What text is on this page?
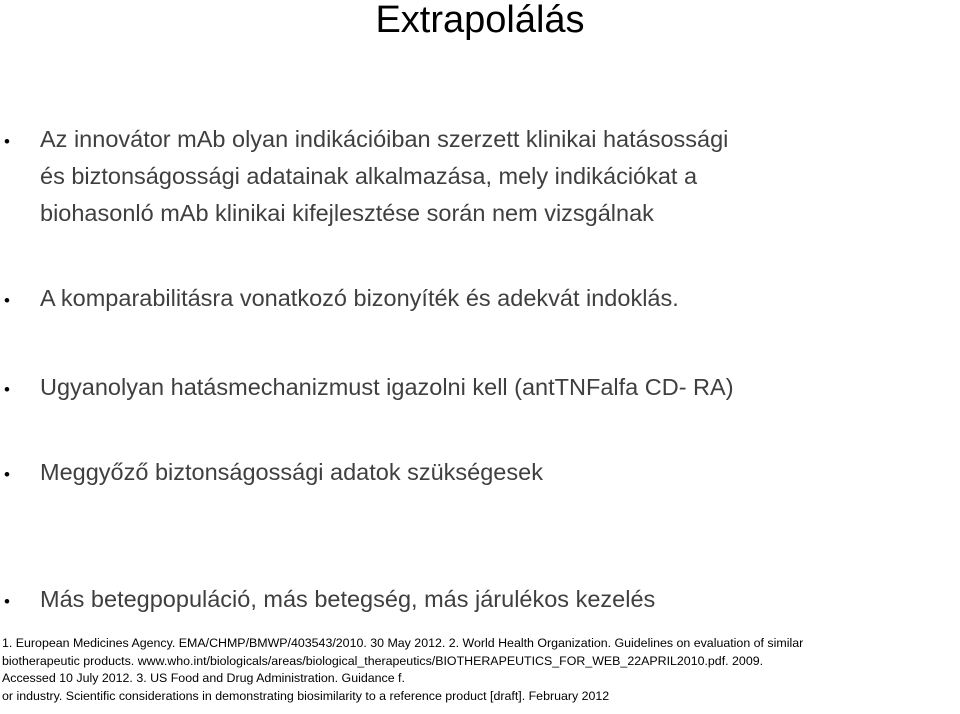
Extrapolálás
• Az innovátor mAb olyan indikációiban szerzett klinikai hatásossági
és biztonságossági adatainak alkalmazása, mely indikációkat a
biohasonló mAb klinikai kifejlesztése során nem vizsgálnak
• A komparabilitásra vonatkozó bizonyíték és adekvát indoklás.
• Ugyanolyan hatásmechanizmust igazolni kell (antTNFalfa CD- RA)
• Meggyőző biztonságossági adatok szükségesek
• Más betegpopuláció, más betegség, más járulékos kezelés
1. European Medicines Agency. EMA/CHMP/BMWP/403543/2010. 30 May 2012. 2. World Health Organization. Guidelines on evaluation of similar
biotherapeutic products. www.who.int/biologicals/areas/biological_therapeutics/BIOTHERAPEUTICS_FOR_WEB_22APRIL2010.pdf. 2009.
Accessed 10 July 2012. 3. US Food and Drug Administration. Guidance f.
or industry. Scientific considerations in demonstrating biosimilarity to a reference product [draft]. February 2012
